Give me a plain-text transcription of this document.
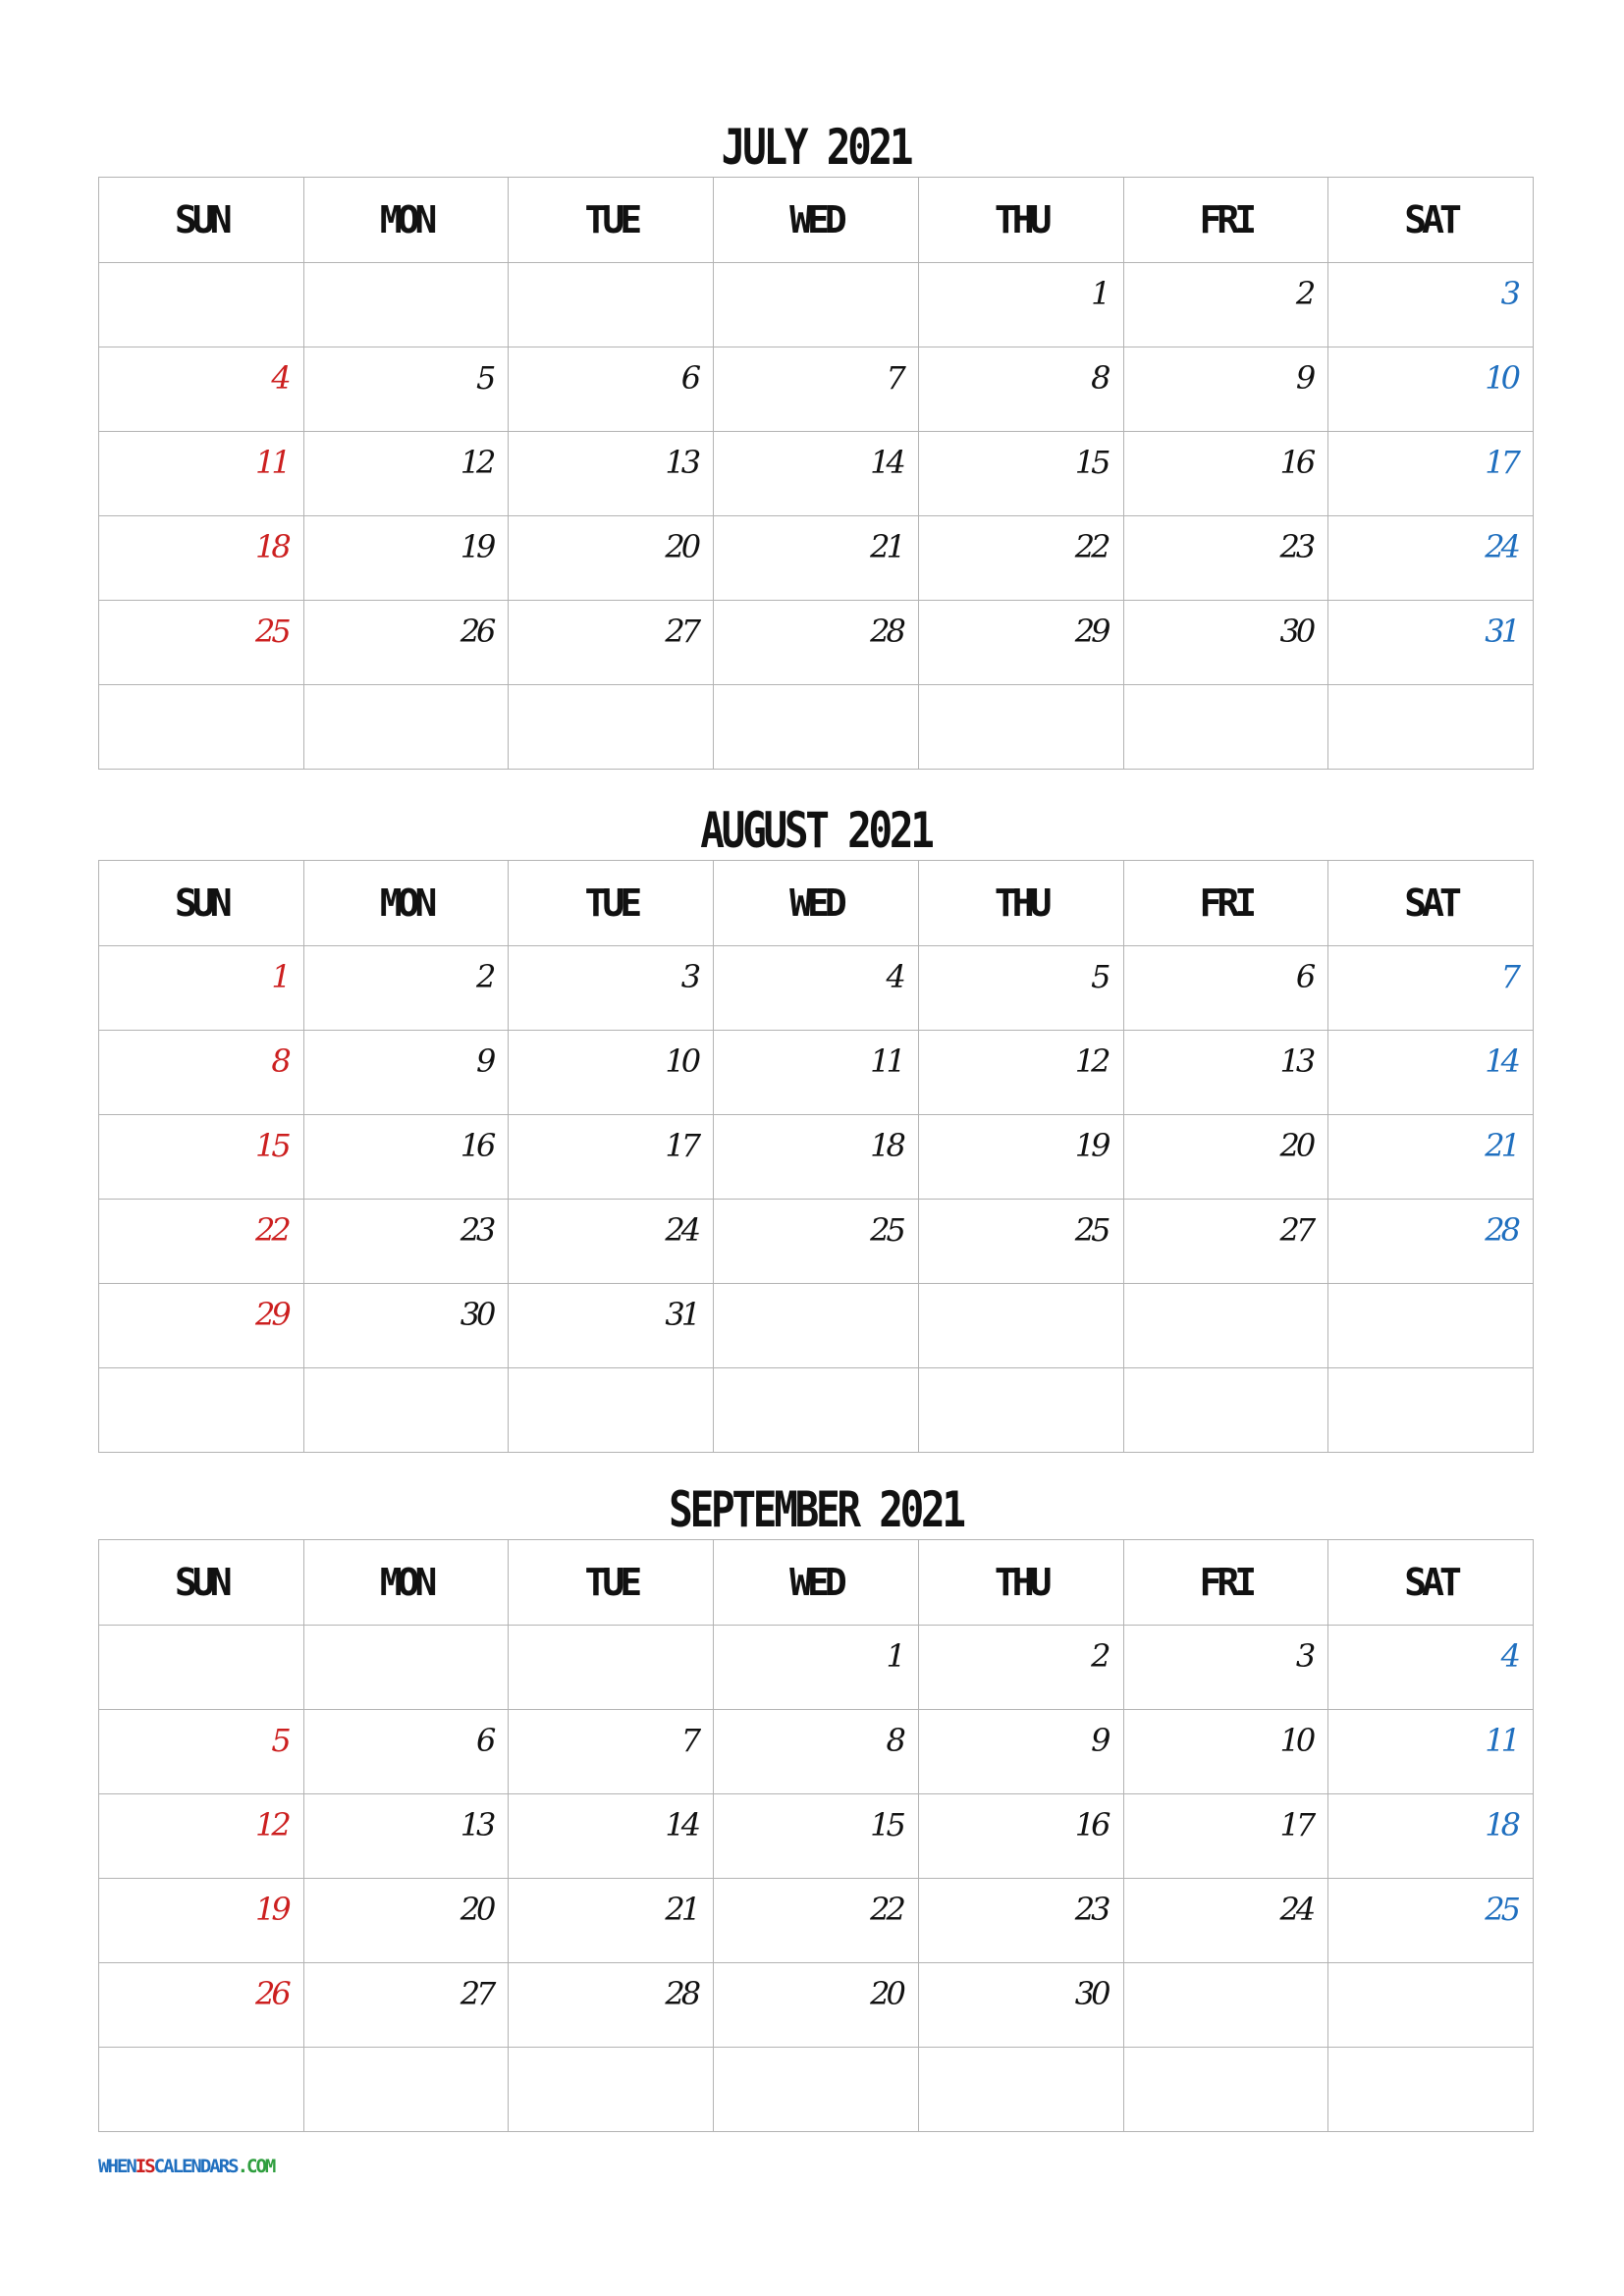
JULY 2021
SUN	MON	TUE	WED	THU	FRI	SAT
				1	2	3
4	5	6	7	8	9	10
11	12	13	14	15	16	17
18	19	20	21	22	23	24
25	26	27	28	29	30	31

AUGUST 2021
SUN	MON	TUE	WED	THU	FRI	SAT
1	2	3	4	5	6	7
8	9	10	11	12	13	14
15	16	17	18	19	20	21
22	23	24	25	25	27	28
29	30	31				

SEPTEMBER 2021
SUN	MON	TUE	WED	THU	FRI	SAT
			1	2	3	4
5	6	7	8	9	10	11
12	13	14	15	16	17	18
19	20	21	22	23	24	25
26	27	28	20	30		

WHENISCALENDARS.COM
